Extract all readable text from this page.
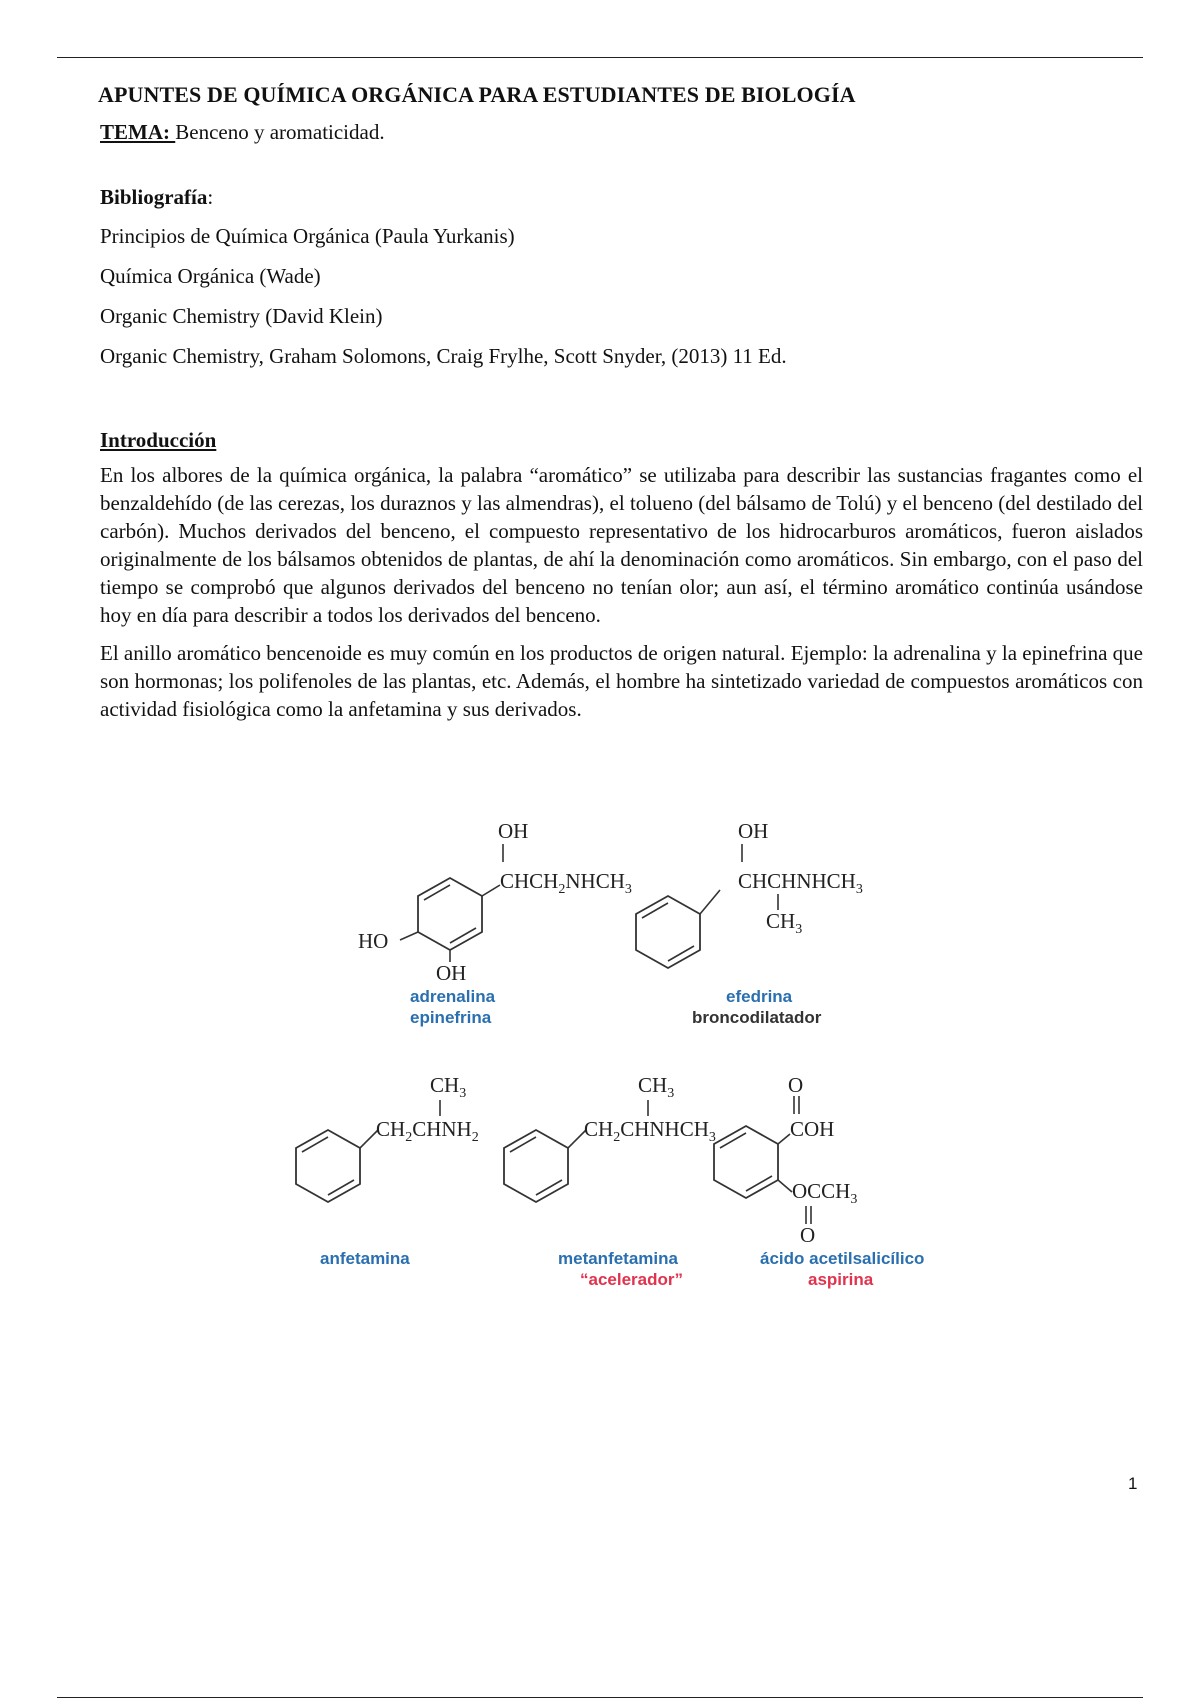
APUNTES DE QUÍMICA ORGÁNICA PARA ESTUDIANTES DE BIOLOGÍA
TEMA: Benceno y aromaticidad.
Bibliografía:

Principios de Química Orgánica (Paula Yurkanis)

Química Orgánica (Wade)

Organic Chemistry (David Klein)

Organic Chemistry, Graham Solomons, Craig Frylhe, Scott Snyder, (2013) 11 Ed.

Introducción

En los albores de la química orgánica, la palabra “aromático” se utilizaba para describir las sustancias fragantes como el benzaldehído (de las cerezas, los duraznos y las almendras), el tolueno (del bálsamo de Tolú) y el benceno (del destilado del carbón). Muchos derivados del benceno, el compuesto representativo de los hidrocarburos aromáticos, fueron aislados originalmente de los bálsamos obtenidos de plantas, de ahí la denominación como aromáticos. Sin embargo, con el paso del tiempo se comprobó que algunos derivados del benceno no tenían olor; aun así, el término aromático continúa usándose hoy en día para describir a todos los derivados del benceno.

El anillo aromático bencenoide es muy común en los productos de origen natural. Ejemplo: la adrenalina y la epinefrina que son hormonas; los polifenoles de las plantas, etc. Además, el hombre ha sintetizado variedad de compuestos aromáticos con actividad fisiológica como la anfetamina y sus derivados.

OH
$CHCH_2NHCH_3$
HO
OH
adrenalina
epinefrina
OH
$CHCHNHCH_3$
$CH_3$
efedrina
broncodilatador
$CH_3$
$CH_2CHNH_2$
anfetamina
$CH_3$
$CH_2CHNHCH_3$
metanfetamina
“acelerador”
O
COH
$OCCH_3$
O
ácido acetilsalicílico
aspirina
1
